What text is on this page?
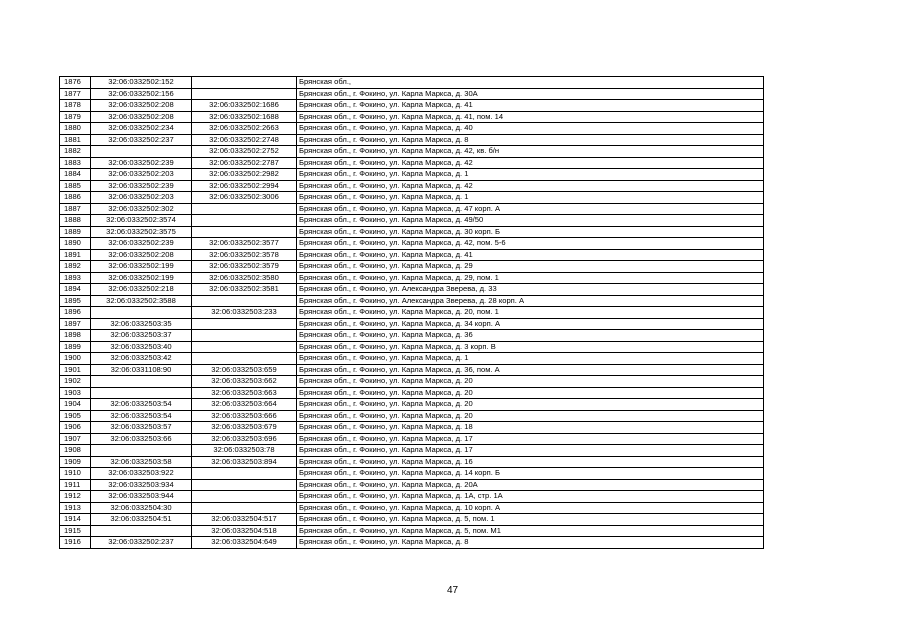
1876	32:06:0332502:152		Брянская обл.,
1877	32:06:0332502:156		Брянская обл., г. Фокино, ул. Карла Маркса, д. 30А
1878	32:06:0332502:208	32:06:0332502:1686	Брянская обл., г. Фокино, ул. Карла Маркса, д. 41
1879	32:06:0332502:208	32:06:0332502:1688	Брянская обл., г. Фокино, ул. Карла Маркса, д. 41, пом. 14
1880	32:06:0332502:234	32:06:0332502:2663	Брянская обл., г. Фокино, ул. Карла Маркса, д. 40
1881	32:06:0332502:237	32:06:0332502:2748	Брянская обл., г. Фокино, ул. Карла Маркса, д. 8
1882		32:06:0332502:2752	Брянская обл., г. Фокино, ул. Карла Маркса, д. 42, кв. б/н
1883	32:06:0332502:239	32:06:0332502:2787	Брянская обл., г. Фокино, ул. Карла Маркса, д. 42
1884	32:06:0332502:203	32:06:0332502:2982	Брянская обл., г. Фокино, ул. Карла Маркса, д. 1
1885	32:06:0332502:239	32:06:0332502:2994	Брянская обл., г. Фокино, ул. Карла Маркса, д. 42
1886	32:06:0332502:203	32:06:0332502:3006	Брянская обл., г. Фокино, ул. Карла Маркса, д. 1
1887	32:06:0332502:302		Брянская обл., г. Фокино, ул. Карла Маркса, д. 47 корп. А
1888	32:06:0332502:3574		Брянская обл., г. Фокино, ул. Карла Маркса, д. 49/50
1889	32:06:0332502:3575		Брянская обл., г. Фокино, ул. Карла Маркса, д. 30 корп. Б
1890	32:06:0332502:239	32:06:0332502:3577	Брянская обл., г. Фокино, ул. Карла Маркса, д. 42, пом. 5-6
1891	32:06:0332502:208	32:06:0332502:3578	Брянская обл., г. Фокино, ул. Карла Маркса, д. 41
1892	32:06:0332502:199	32:06:0332502:3579	Брянская обл., г. Фокино, ул. Карла Маркса, д. 29
1893	32:06:0332502:199	32:06:0332502:3580	Брянская обл., г. Фокино, ул. Карла Маркса, д. 29, пом. 1
1894	32:06:0332502:218	32:06:0332502:3581	Брянская обл., г. Фокино, ул. Александра Зверева, д. 33
1895	32:06:0332502:3588		Брянская обл., г. Фокино, ул. Александра Зверева, д. 28 корп. А
1896		32:06:0332503:233	Брянская обл., г. Фокино, ул. Карла Маркса, д. 20, пом. 1
1897	32:06:0332503:35		Брянская обл., г. Фокино, ул. Карла Маркса, д. 34 корп. А
1898	32:06:0332503:37		Брянская обл., г. Фокино, ул. Карла Маркса, д. 36
1899	32:06:0332503:40		Брянская обл., г. Фокино, ул. Карла Маркса, д. 3 корп. В
1900	32:06:0332503:42		Брянская обл., г. Фокино, ул. Карла Маркса, д. 1
1901	32:06:0331108:90	32:06:0332503:659	Брянская обл., г. Фокино, ул. Карла Маркса, д. 36, пом. А
1902		32:06:0332503:662	Брянская обл., г. Фокино, ул. Карла Маркса, д. 20
1903		32:06:0332503:663	Брянская обл., г. Фокино, ул. Карла Маркса, д. 20
1904	32:06:0332503:54	32:06:0332503:664	Брянская обл., г. Фокино, ул. Карла Маркса, д. 20
1905	32:06:0332503:54	32:06:0332503:666	Брянская обл., г. Фокино, ул. Карла Маркса, д. 20
1906	32:06:0332503:57	32:06:0332503:679	Брянская обл., г. Фокино, ул. Карла Маркса, д. 18
1907	32:06:0332503:66	32:06:0332503:696	Брянская обл., г. Фокино, ул. Карла Маркса, д. 17
1908		32:06:0332503:78	Брянская обл., г. Фокино, ул. Карла Маркса, д. 17
1909	32:06:0332503:58	32:06:0332503:894	Брянская обл., г. Фокино, ул. Карла Маркса, д. 16
1910	32:06:0332503:922		Брянская обл., г. Фокино, ул. Карла Маркса, д. 14 корп. Б
1911	32:06:0332503:934		Брянская обл., г. Фокино, ул. Карла Маркса, д. 20А
1912	32:06:0332503:944		Брянская обл., г. Фокино, ул. Карла Маркса, д. 1А, стр. 1А
1913	32:06:0332504:30		Брянская обл., г. Фокино, ул. Карла Маркса, д. 10 корп. А
1914	32:06:0332504:51	32:06:0332504:517	Брянская обл., г. Фокино, ул. Карла Маркса, д. 5, пом. 1
1915		32:06:0332504:518	Брянская обл., г. Фокино, ул. Карла Маркса, д. 5, пом. М1
1916	32:06:0332502:237	32:06:0332504:649	Брянская обл., г. Фокино, ул. Карла Маркса, д. 8
47
